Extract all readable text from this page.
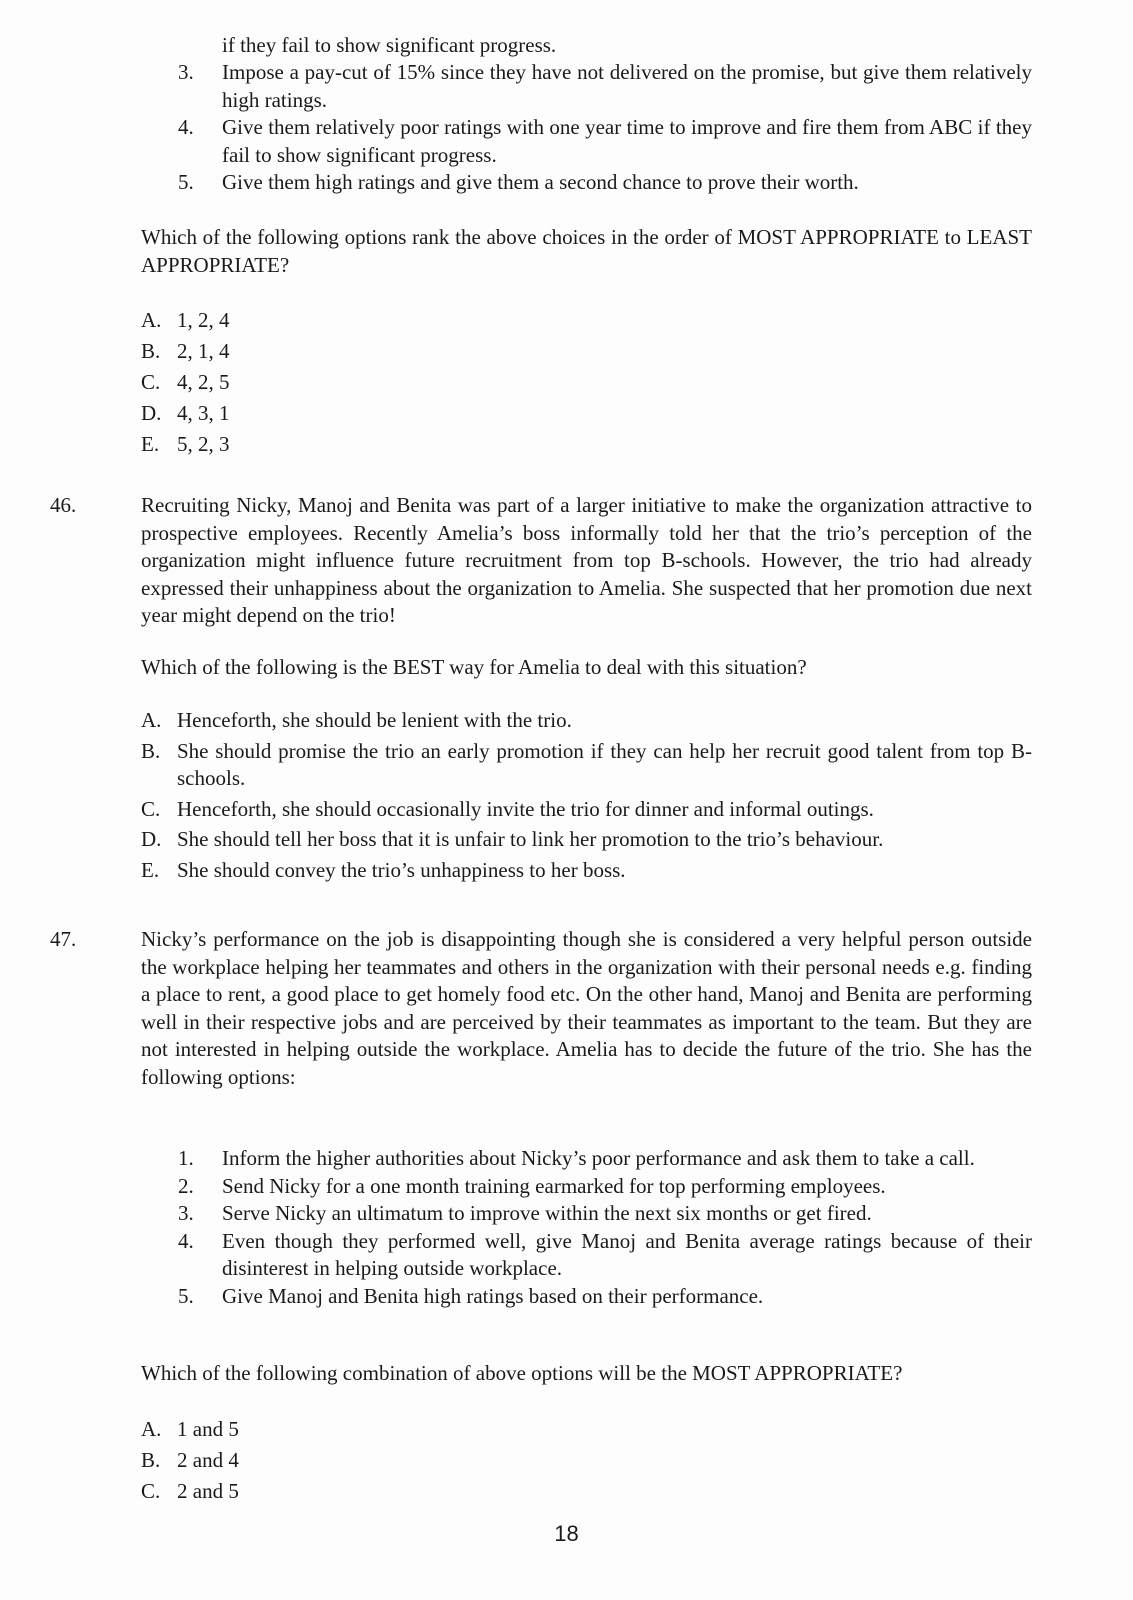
if they fail to show significant progress.

3. Impose a pay-cut of 15% since they have not delivered on the promise, but give them relatively high ratings.
4. Give them relatively poor ratings with one year time to improve and fire them from ABC if they fail to show significant progress.
5. Give them high ratings and give them a second chance to prove their worth.

Which of the following options rank the above choices in the order of MOST APPROPRIATE to LEAST APPROPRIATE?

A. 1, 2, 4
B. 2, 1, 4
C. 4, 2, 5
D. 4, 3, 1
E. 5, 2, 3
46.	Recruiting Nicky, Manoj and Benita was part of a larger initiative to make the organization attractive to prospective employees. Recently Amelia’s boss informally told her that the trio’s perception of the organization might influence future recruitment from top B-schools. However, the trio had already expressed their unhappiness about the organization to Amelia. She suspected that her promotion due next year might depend on the trio!

Which of the following is the BEST way for Amelia to deal with this situation?

A. Henceforth, she should be lenient with the trio.
B. She should promise the trio an early promotion if they can help her recruit good talent from top B-schools.
C. Henceforth, she should occasionally invite the trio for dinner and informal outings.
D. She should tell her boss that it is unfair to link her promotion to the trio’s behaviour.
E. She should convey the trio’s unhappiness to her boss.
47.	Nicky’s performance on the job is disappointing though she is considered a very helpful person outside the workplace helping her teammates and others in the organization with their personal needs e.g. finding a place to rent, a good place to get homely food etc. On the other hand, Manoj and Benita are performing well in their respective jobs and are perceived by their teammates as important to the team. But they are not interested in helping outside the workplace. Amelia has to decide the future of the trio. She has the following options:

1. Inform the higher authorities about Nicky’s poor performance and ask them to take a call.
2. Send Nicky for a one month training earmarked for top performing employees.
3. Serve Nicky an ultimatum to improve within the next six months or get fired.
4. Even though they performed well, give Manoj and Benita average ratings because of their disinterest in helping outside workplace.
5. Give Manoj and Benita high ratings based on their performance.

Which of the following combination of above options will be the MOST APPROPRIATE?

A. 1 and 5
B. 2 and 4
C. 2 and 5
18
